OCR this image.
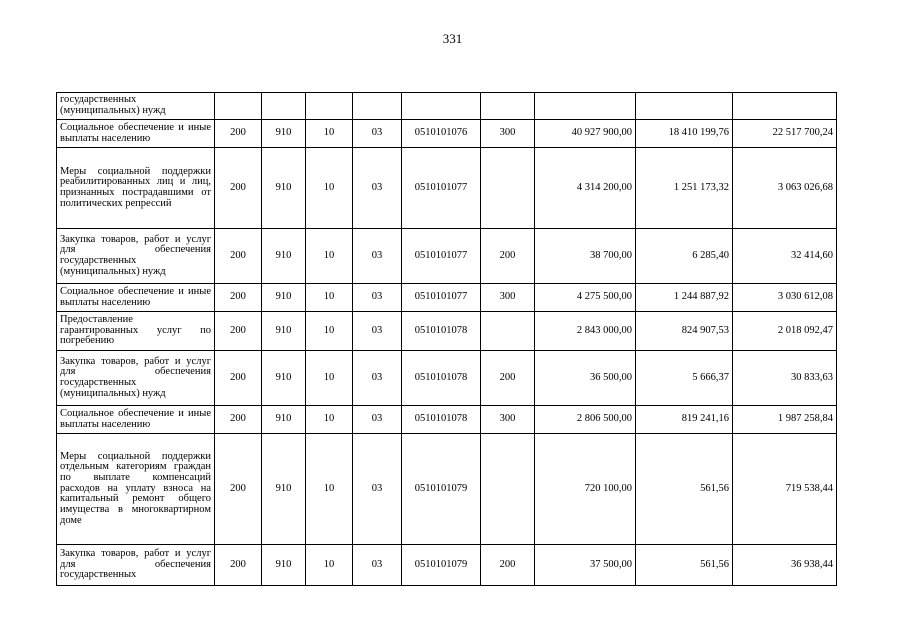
331
государственных (муниципальных) нужд									
Социальное обеспечение и иные выплаты населению	200	910	10	03	0510101076	300	40 927 900,00	18 410 199,76	22 517 700,24
Меры социальной поддержки реабилитированных лиц и лиц, признанных пострадавшими от политических репрессий	200	910	10	03	0510101077		4 314 200,00	1 251 173,32	3 063 026,68
Закупка товаров, работ и услуг для обеспечения государственных (муниципальных) нужд	200	910	10	03	0510101077	200	38 700,00	6 285,40	32 414,60
Социальное обеспечение и иные выплаты населению	200	910	10	03	0510101077	300	4 275 500,00	1 244 887,92	3 030 612,08
Предоставление гарантированных услуг по погребению	200	910	10	03	0510101078		2 843 000,00	824 907,53	2 018 092,47
Закупка товаров, работ и услуг для обеспечения государственных (муниципальных) нужд	200	910	10	03	0510101078	200	36 500,00	5 666,37	30 833,63
Социальное обеспечение и иные выплаты населению	200	910	10	03	0510101078	300	2 806 500,00	819 241,16	1 987 258,84
Меры социальной поддержки отдельным категориям граждан по выплате компенсаций расходов на уплату взноса на капитальный ремонт общего имущества в многоквартирном доме	200	910	10	03	0510101079		720 100,00	561,56	719 538,44
Закупка товаров, работ и услуг для обеспечения государственных	200	910	10	03	0510101079	200	37 500,00	561,56	36 938,44
